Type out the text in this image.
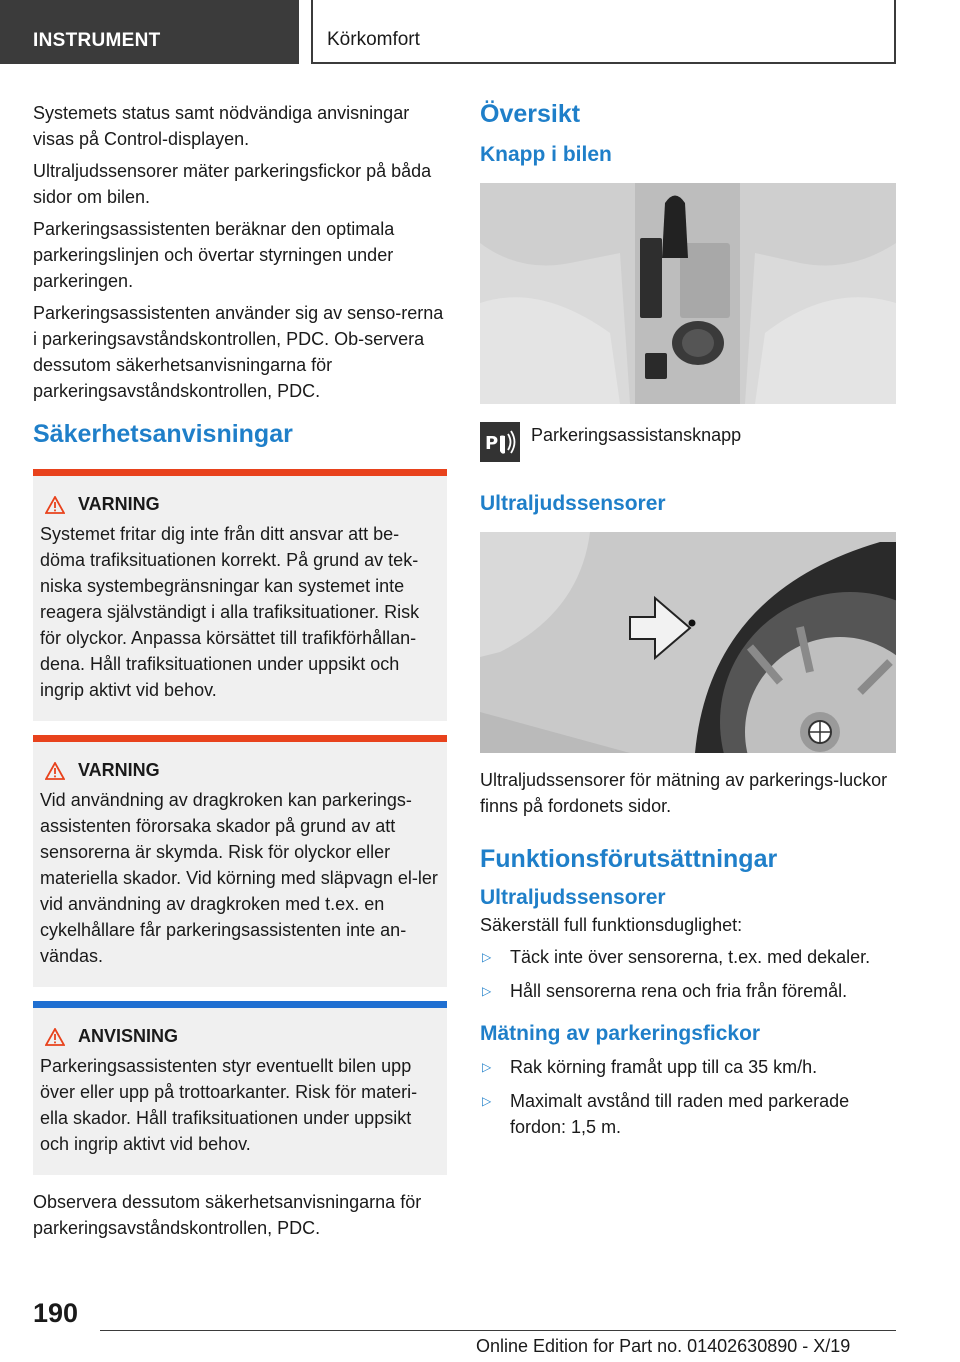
INSTRUMENT	Körkomfort

Systemets status samt nödvändiga anvisningar visas på Control-displayen.

Ultraljudssensorer mäter parkeringsfickor på båda sidor om bilen.

Parkeringsassistenten beräknar den optimala parkeringslinjen och övertar styrningen under parkeringen.

Parkeringsassistenten använder sig av senso-rerna i parkeringsavståndskontrollen, PDC. Ob-servera dessutom säkerhetsanvisningarna för parkeringsavståndskontrollen, PDC.

Säkerhetsanvisningar
VARNING

Systemet fritar dig inte från ditt ansvar att be-döma trafiksituationen korrekt. På grund av tek-niska systembegränsningar kan systemet inte reagera självständigt i alla trafiksituationer. Risk för olyckor. Anpassa körsättet till trafikförhållan-dena. Håll trafiksituationen under uppsikt och ingrip aktivt vid behov.

VARNING

Vid användning av dragkroken kan parkerings-assistenten förorsaka skador på grund av att sensorerna är skymda. Risk för olyckor eller materiella skador. Vid körning med släpvagn el-ler vid användning av dragkroken med t.ex. en cykelhållare får parkeringsassistenten inte an-vändas.

ANVISNING

Parkeringsassistenten styr eventuellt bilen upp över eller upp på trottoarkanter. Risk för materi-ella skador. Håll trafiksituationen under uppsikt och ingrip aktivt vid behov.

Observera dessutom säkerhetsanvisningarna för parkeringsavståndskontrollen, PDC.

Översikt
Knapp i bilen
P Parkeringsassistansknapp
Ultraljudssensorer

Ultraljudssensorer för mätning av parkerings-luckor finns på fordonets sidor.

Funktionsförutsättningar
Ultraljudssensorer

Säkerställ full funktionsduglighet:

▷	Täck inte över sensorerna, t.ex. med dekaler.
▷	Håll sensorerna rena och fria från föremål.
Mätning av parkeringsfickor
▷	Rak körning framåt upp till ca 35 km/h.
▷	Maximalt avstånd till raden med parkerade fordon: 1,5 m.
190
Online Edition for Part no. 01402630890 - X/19
